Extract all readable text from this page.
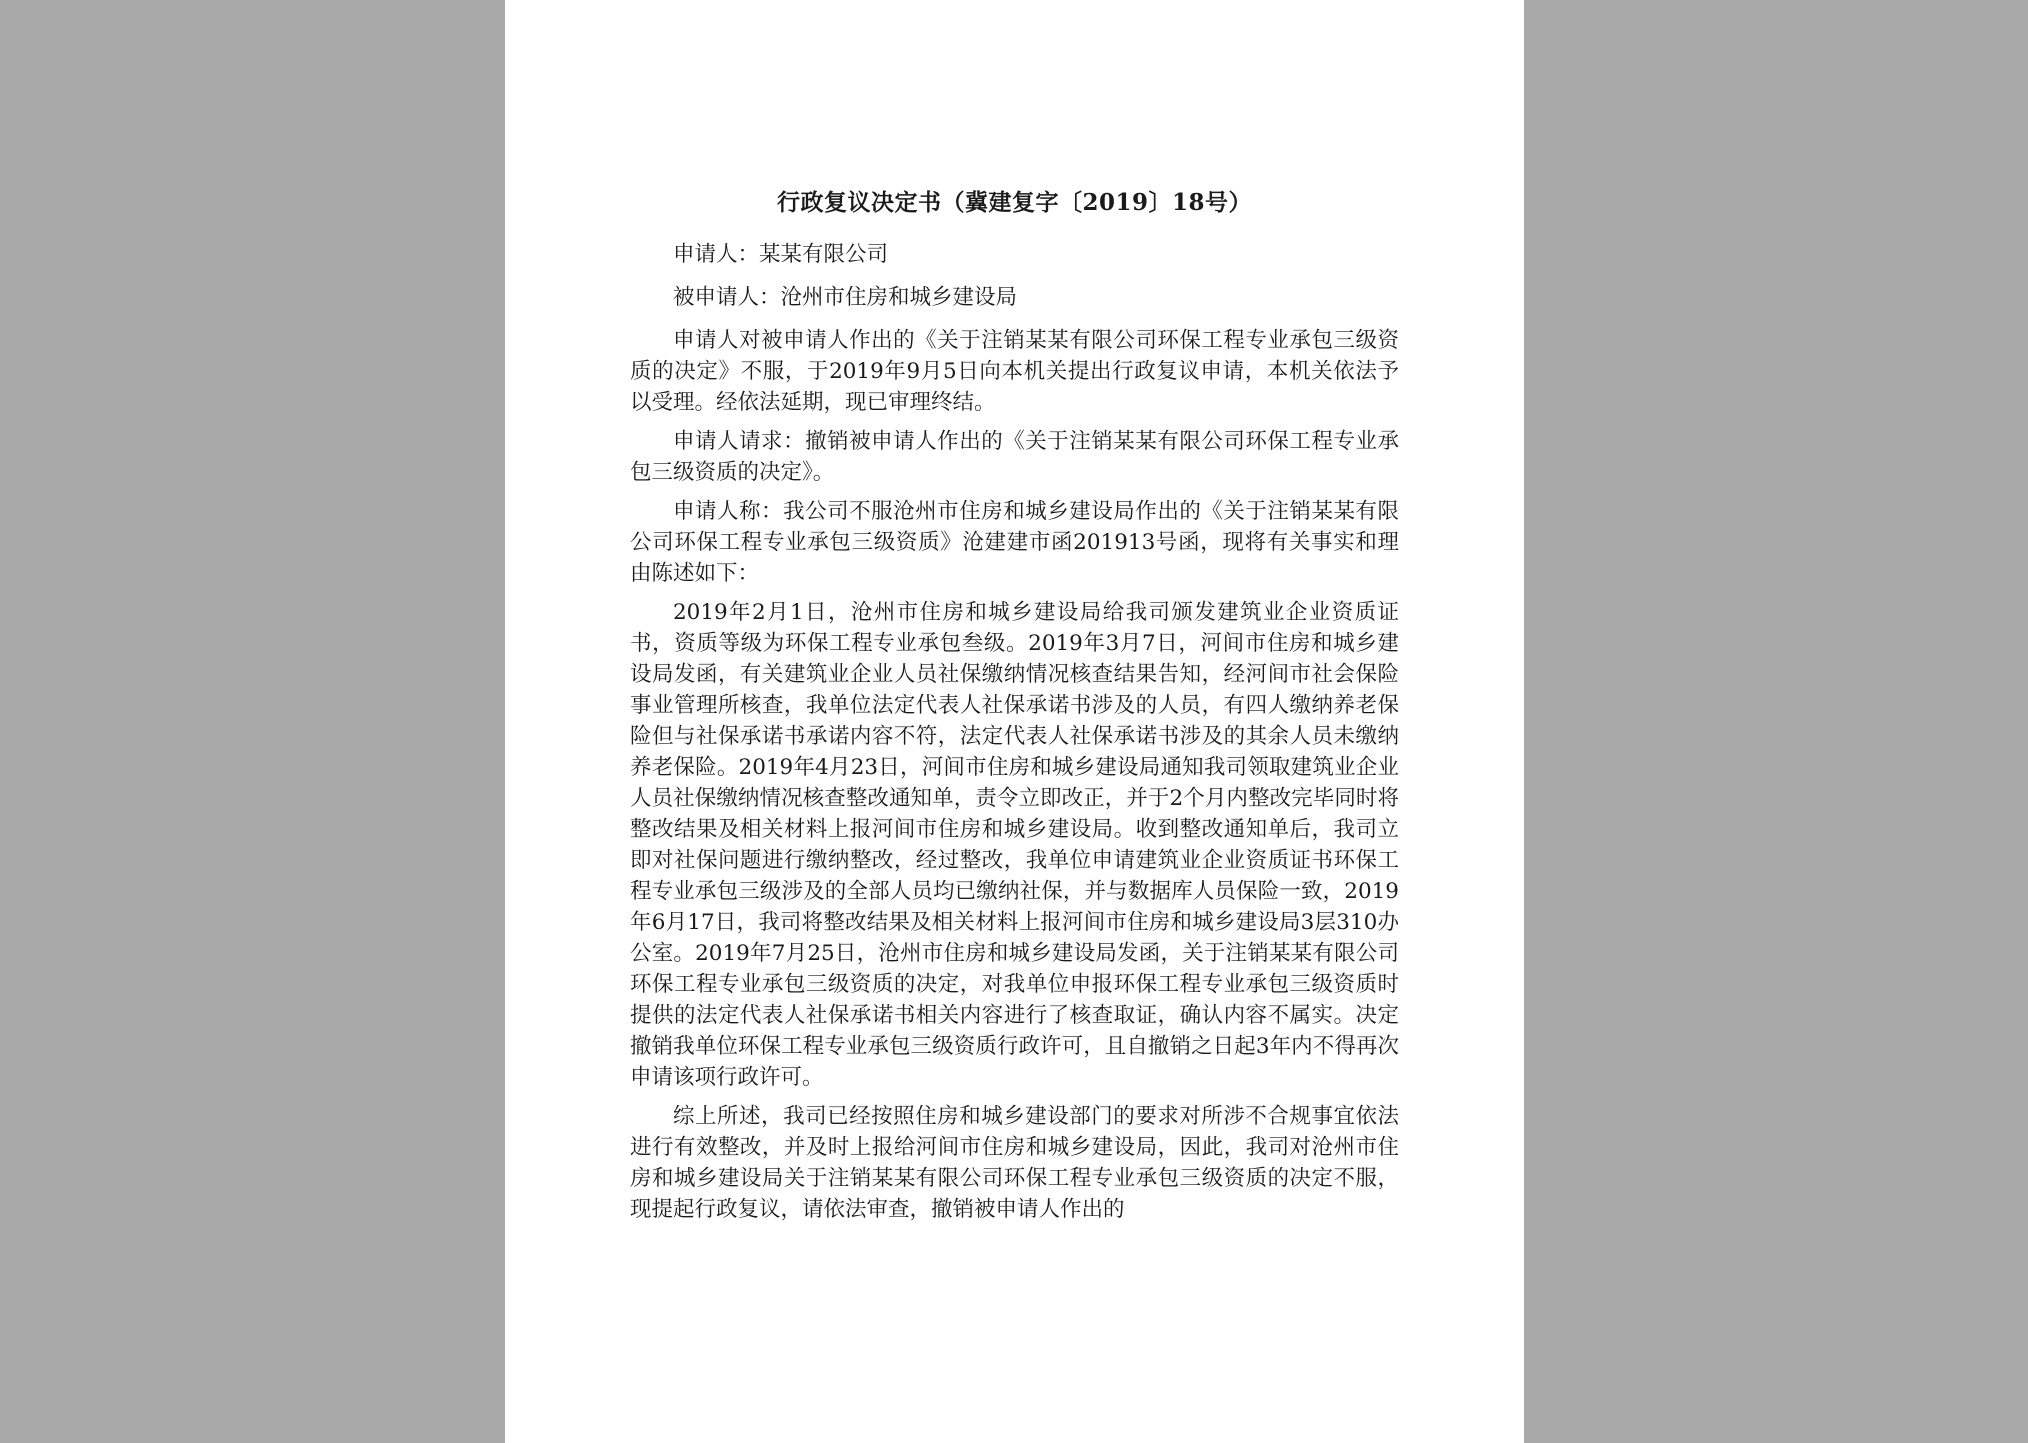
行政复议决定书（冀建复字〔2019〕18号）

申请人：某某有限公司

被申请人：沧州市住房和城乡建设局

申请人对被申请人作出的《关于注销某某有限公司环保工程专业承包三级资质的决定》不服，于2019年9月5日向本机关提出行政复议申请，本机关依法予以受理。经依法延期，现已审理终结。

申请人请求：撤销被申请人作出的《关于注销某某有限公司环保工程专业承包三级资质的决定》。

申请人称：我公司不服沧州市住房和城乡建设局作出的《关于注销某某有限公司环保工程专业承包三级资质》沧建建市函201913号函，现将有关事实和理由陈述如下：

2019年2月1日，沧州市住房和城乡建设局给我司颁发建筑业企业资质证书，资质等级为环保工程专业承包叁级。2019年3月7日，河间市住房和城乡建设局发函，有关建筑业企业人员社保缴纳情况核查结果告知，经河间市社会保险事业管理所核查，我单位法定代表人社保承诺书涉及的人员，有四人缴纳养老保险但与社保承诺书承诺内容不符，法定代表人社保承诺书涉及的其余人员未缴纳养老保险。2019年4月23日，河间市住房和城乡建设局通知我司领取建筑业企业人员社保缴纳情况核查整改通知单，责令立即改正，并于2个月内整改完毕同时将整改结果及相关材料上报河间市住房和城乡建设局。收到整改通知单后，我司立即对社保问题进行缴纳整改，经过整改，我单位申请建筑业企业资质证书环保工程专业承包三级涉及的全部人员均已缴纳社保，并与数据库人员保险一致，2019年6月17日，我司将整改结果及相关材料上报河间市住房和城乡建设局3层310办公室。2019年7月25日，沧州市住房和城乡建设局发函，关于注销某某有限公司环保工程专业承包三级资质的决定，对我单位申报环保工程专业承包三级资质时提供的法定代表人社保承诺书相关内容进行了核查取证，确认内容不属实。决定撤销我单位环保工程专业承包三级资质行政许可，且自撤销之日起3年内不得再次申请该项行政许可。

综上所述，我司已经按照住房和城乡建设部门的要求对所涉不合规事宜依法进行有效整改，并及时上报给河间市住房和城乡建设局，因此，我司对沧州市住房和城乡建设局关于注销某某有限公司环保工程专业承包三级资质的决定不服，现提起行政复议，请依法审查，撤销被申请人作出的
